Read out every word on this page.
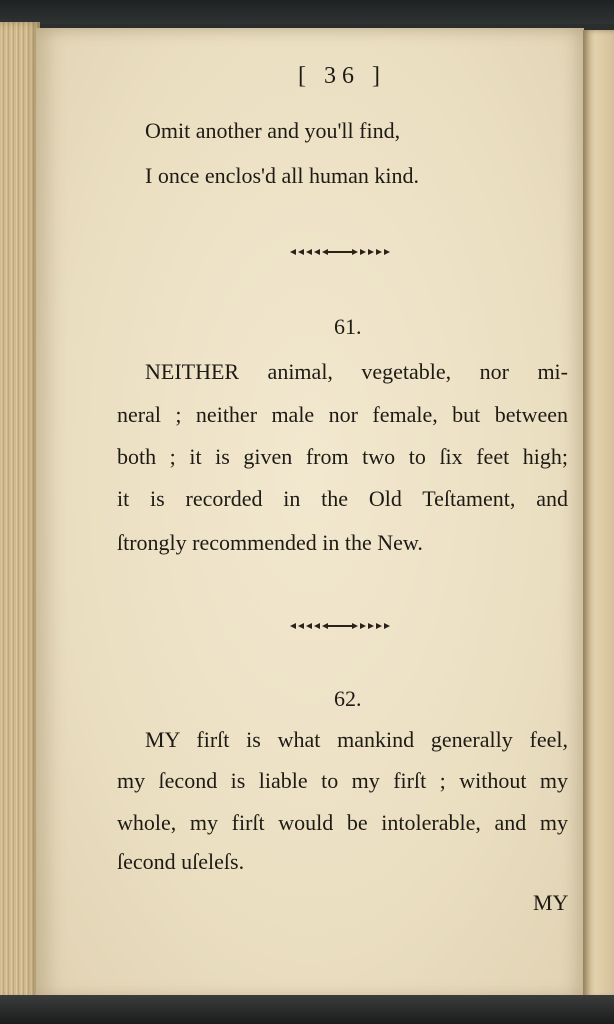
[ 36 ]
Omit another and you'll find,
I once enclos'd all human kind.
61.
NEITHER animal, vegetable, nor mi-
neral ; neither male nor female, but between
both ; it is given from two to ſix feet high;
it is recorded in the Old Teſtament, and
ſtrongly recommended in the New.
62.
MY firſt is what mankind generally feel,
my ſecond is liable to my firſt ; without my
whole, my firſt would be intolerable, and my
ſecond uſeleſs.
MY
